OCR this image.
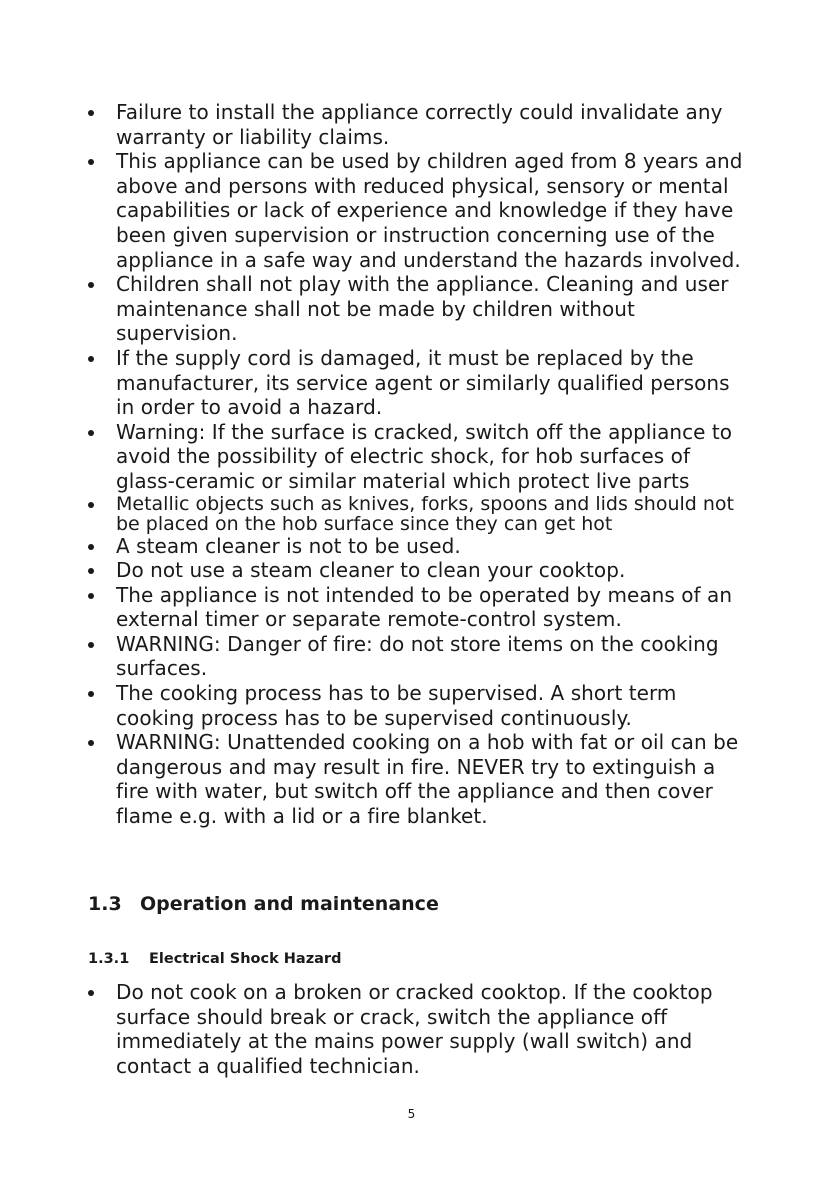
Failure to install the appliance correctly could invalidate any warranty or liability claims.
This appliance can be used by children aged from 8 years and above and persons with reduced physical, sensory or mental capabilities or lack of experience and knowledge if they have been given supervision or instruction concerning use of the appliance in a safe way and understand the hazards involved.
Children shall not play with the appliance. Cleaning and user maintenance shall not be made by children without supervision.
If the supply cord is damaged, it must be replaced by the manufacturer, its service agent or similarly qualified persons in order to avoid a hazard.
Warning: If the surface is cracked, switch off the appliance to avoid the possibility of electric shock, for hob surfaces of glass-ceramic or similar material which protect live parts
Metallic objects such as knives, forks, spoons and lids should not be placed on the hob surface since they can get hot
A steam cleaner is not to be used.
Do not use a steam cleaner to clean your cooktop.
The appliance is not intended to be operated by means of an external timer or separate remote-control system.
WARNING: Danger of fire: do not store items on the cooking surfaces.
The cooking process has to be supervised. A short term cooking process has to be supervised continuously.
WARNING: Unattended cooking on a hob with fat or oil can be dangerous and may result in fire. NEVER try to extinguish a fire with water, but switch off the appliance and then cover flame e.g. with a lid or a fire blanket.
1.3 Operation and maintenance
1.3.1 Electrical Shock Hazard
Do not cook on a broken or cracked cooktop. If the cooktop surface should break or crack, switch the appliance off immediately at the mains power supply (wall switch) and contact a qualified technician.
5
